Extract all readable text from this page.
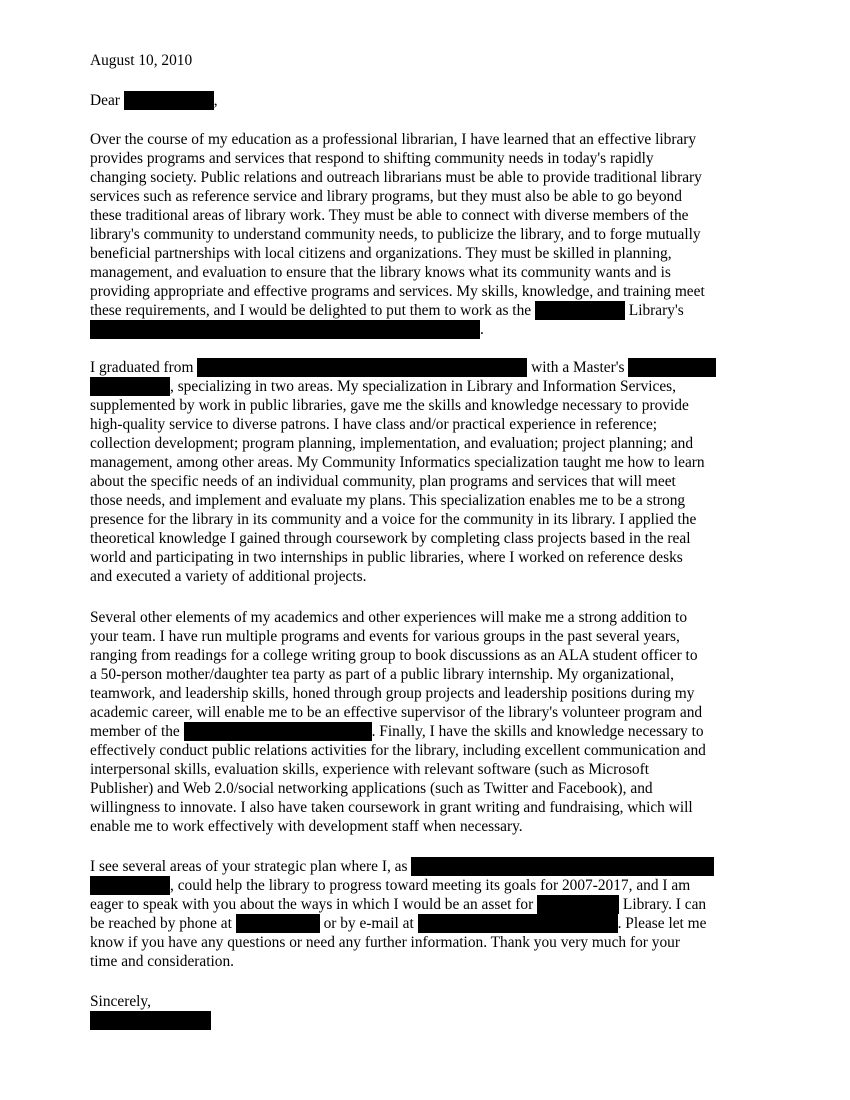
August 10, 2010
Dear	,
Over the course of my education as a professional librarian, I have learned that an effective library
provides programs and services that respond to shifting community needs in today's rapidly
changing society. Public relations and outreach librarians must be able to provide traditional library
services such as reference service and library programs, but they must also be able to go beyond
these traditional areas of library work. They must be able to connect with diverse members of the
library's community to understand community needs, to publicize the library, and to forge mutually
beneficial partnerships with local citizens and organizations. They must be skilled in planning,
management, and evaluation to ensure that the library knows what its community wants and is
providing appropriate and effective programs and services. My skills, knowledge, and training meet
these requirements, and I would be delighted to put them to work as the	Library's
.
I graduated from	with a Master's
, specializing in two areas. My specialization in Library and Information Services,
supplemented by work in public libraries, gave me the skills and knowledge necessary to provide
high-quality service to diverse patrons. I have class and/or practical experience in reference;
collection development; program planning, implementation, and evaluation; project planning; and
management, among other areas. My Community Informatics specialization taught me how to learn
about the specific needs of an individual community, plan programs and services that will meet
those needs, and implement and evaluate my plans. This specialization enables me to be a strong
presence for the library in its community and a voice for the community in its library. I applied the
theoretical knowledge I gained through coursework by completing class projects based in the real
world and participating in two internships in public libraries, where I worked on reference desks
and executed a variety of additional projects.
Several other elements of my academics and other experiences will make me a strong addition to
your team. I have run multiple programs and events for various groups in the past several years,
ranging from readings for a college writing group to book discussions as an ALA student officer to
a 50-person mother/daughter tea party as part of a public library internship. My organizational,
teamwork, and leadership skills, honed through group projects and leadership positions during my
academic career, will enable me to be an effective supervisor of the library's volunteer program and
member of the	. Finally, I have the skills and knowledge necessary to
effectively conduct public relations activities for the library, including excellent communication and
interpersonal skills, evaluation skills, experience with relevant software (such as Microsoft
Publisher) and Web 2.0/social networking applications (such as Twitter and Facebook), and
willingness to innovate. I also have taken coursework in grant writing and fundraising, which will
enable me to work effectively with development staff when necessary.
I see several areas of your strategic plan where I, as
, could help the library to progress toward meeting its goals for 2007-2017, and I am
eager to speak with you about the ways in which I would be an asset for	Library. I can
be reached by phone at	or by e-mail at	. Please let me
know if you have any questions or need any further information. Thank you very much for your
time and consideration.
Sincerely,
